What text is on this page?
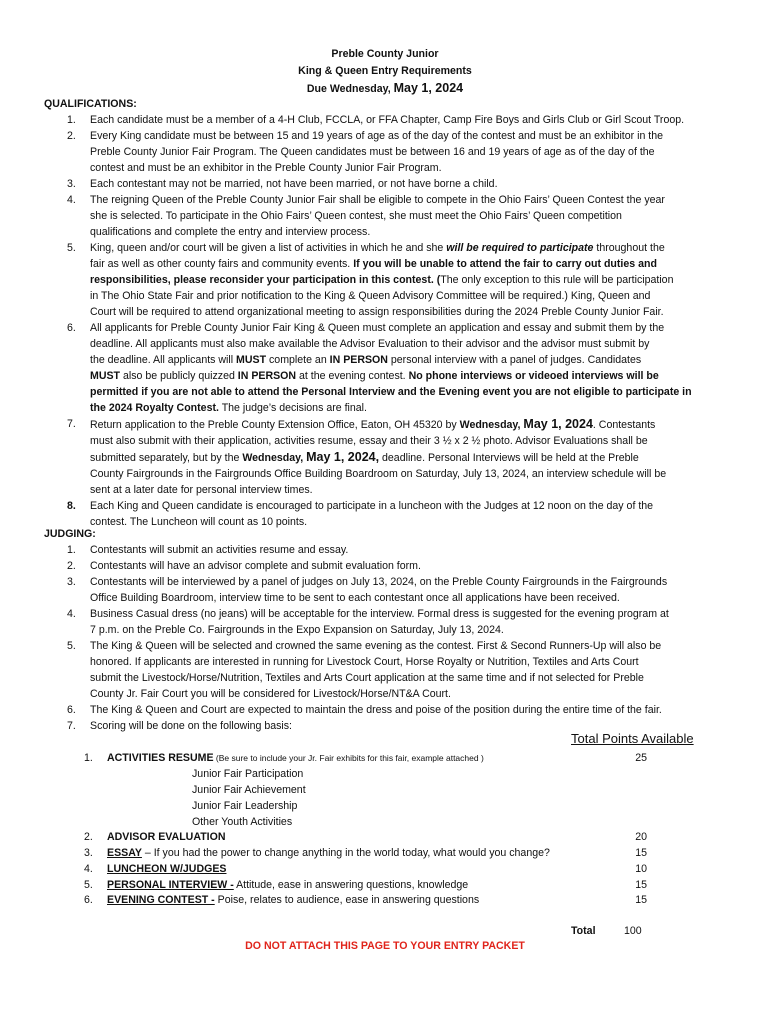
Preble County Junior
King & Queen Entry Requirements
Due Wednesday, May 1, 2024
QUALIFICATIONS:
1. Each candidate must be a member of a 4-H Club, FCCLA, or FFA Chapter, Camp Fire Boys and Girls Club or Girl Scout Troop.
2. Every King candidate must be between 15 and 19 years of age as of the day of the contest and must be an exhibitor in the
Preble County Junior Fair Program. The Queen candidates must be between 16 and 19 years of age as of the day of the
contest and must be an exhibitor in the Preble County Junior Fair Program.
3. Each contestant may not be married, not have been married, or not have borne a child.
4. The reigning Queen of the Preble County Junior Fair shall be eligible to compete in the Ohio Fairs’ Queen Contest the year
she is selected. To participate in the Ohio Fairs’ Queen contest, she must meet the Ohio Fairs’ Queen competition
qualifications and complete the entry and interview process.
5. King, queen and/or court will be given a list of activities in which he and she will be required to participate throughout the
fair as well as other county fairs and community events. If you will be unable to attend the fair to carry out duties and
responsibilities, please reconsider your participation in this contest. (The only exception to this rule will be participation
in The Ohio State Fair and prior notification to the King & Queen Advisory Committee will be required.) King, Queen and
Court will be required to attend organizational meeting to assign responsibilities during the 2024 Preble County Junior Fair.
6. All applicants for Preble County Junior Fair King & Queen must complete an application and essay and submit them by the
deadline. All applicants must also make available the Advisor Evaluation to their advisor and the advisor must submit by
the deadline. All applicants will MUST complete an IN PERSON personal interview with a panel of judges. Candidates
MUST also be publicly quizzed IN PERSON at the evening contest. No phone interviews or videoed interviews will be
permitted if you are not able to attend the Personal Interview and the Evening event you are not eligible to participate in
the 2024 Royalty Contest. The judge’s decisions are final.
7. Return application to the Preble County Extension Office, Eaton, OH 45320 by Wednesday, May 1, 2024. Contestants
must also submit with their application, activities resume, essay and their 3 ½ x 2 ½ photo. Advisor Evaluations shall be
submitted separately, but by the Wednesday, May 1, 2024, deadline. Personal Interviews will be held at the Preble
County Fairgrounds in the Fairgrounds Office Building Boardroom on Saturday, July 13, 2024, an interview schedule will be
sent at a later date for personal interview times.
8. Each King and Queen candidate is encouraged to participate in a luncheon with the Judges at 12 noon on the day of the
contest. The Luncheon will count as 10 points.
JUDGING:
1. Contestants will submit an activities resume and essay.
2. Contestants will have an advisor complete and submit evaluation form.
3. Contestants will be interviewed by a panel of judges on July 13, 2024, on the Preble County Fairgrounds in the Fairgrounds
Office Building Boardroom, interview time to be sent to each contestant once all applications have been received.
4. Business Casual dress (no jeans) will be acceptable for the interview. Formal dress is suggested for the evening program at
7 p.m. on the Preble Co. Fairgrounds in the Expo Expansion on Saturday, July 13, 2024.
5. The King & Queen will be selected and crowned the same evening as the contest. First & Second Runners-Up will also be
honored. If applicants are interested in running for Livestock Court, Horse Royalty or Nutrition, Textiles and Arts Court
submit the Livestock/Horse/Nutrition, Textiles and Arts Court application at the same time and if not selected for Preble
County Jr. Fair Court you will be considered for Livestock/Horse/NT&A Court.
6. The King & Queen and Court are expected to maintain the dress and poise of the position during the entire time of the fair.
7. Scoring will be done on the following basis:
Total Points Available
1. ACTIVITIES RESUME (Be sure to include your Jr. Fair exhibits for this fair, example attached )	25
Junior Fair Participation
Junior Fair Achievement
Junior Fair Leadership
Other Youth Activities
2. ADVISOR EVALUATION	20
3. ESSAY – If you had the power to change anything in the world today, what would you change?	15
4. LUNCHEON W/JUDGES	10
5. PERSONAL INTERVIEW - Attitude, ease in answering questions, knowledge	15
6. EVENING CONTEST - Poise, relates to audience, ease in answering questions	15
Total	100
DO NOT ATTACH THIS PAGE TO YOUR ENTRY PACKET
